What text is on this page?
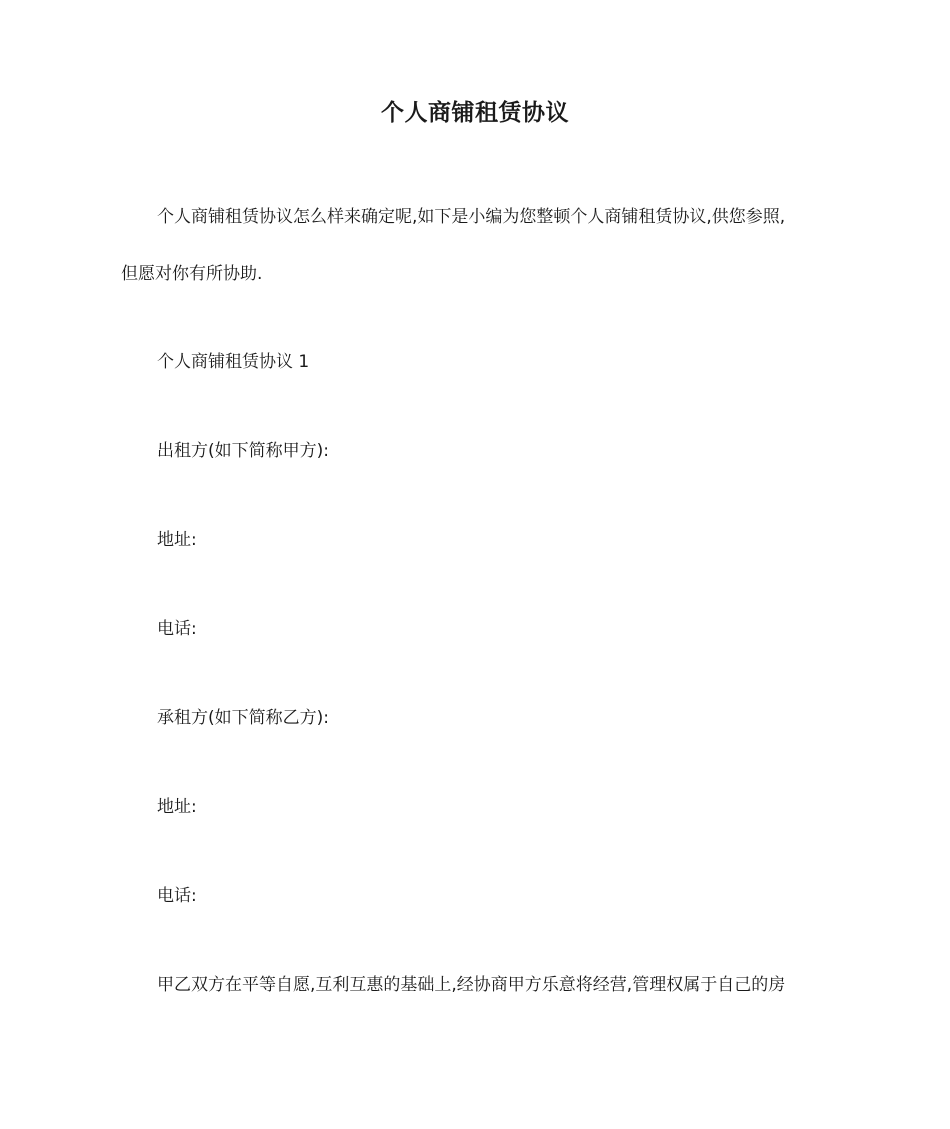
个人商铺租赁协议
个人商铺租赁协议怎么样来确定呢,如下是小编为您整顿个人商铺租赁协议,供您参照,
但愿对你有所协助.
个人商铺租赁协议 1
出租方(如下简称甲方):
地址:
电话:
承租方(如下简称乙方):
地址:
电话:
甲乙双方在平等自愿,互利互惠的基础上,经协商甲方乐意将经营,管理权属于自己的房
